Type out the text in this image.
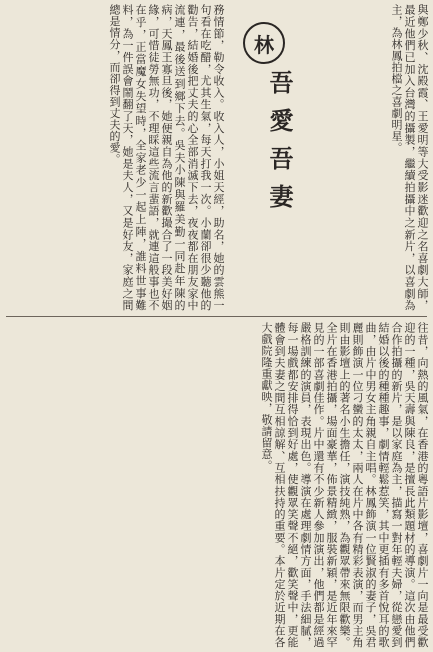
務情節，勒令收入。收入人，小姐天經，助名，她的雲熊一句看在吃醋，尤其生氣，每天打我一次。小蘭卻很少聽他的勸告，結婚後把丈夫的心全部消滅下去，夜夜都在朋友家中流連，最後送到鄉下去。吳夫小陳與羅美勤一同赴年陳的病，天鳳王寡旦後，她便親自為他的新歡撮合了一段美好姻緣，可惜徒勞無功，不理睬這些流言蜚語，就連這般事也不在乎，正當魔女失望時，全家老少一起上陣，誰料世事難料，為一件誤會鬧翻了天，她是夫人，又是好友，家庭之間總是情分，而卻得到丈夫的愛。	林
吾愛吾妻	與鄭少秋、沈殿霞、王愛明等大受影迷歡迎之名喜劇大師，最近他們已加入台灣的攝製，繼續拍攝中之新片，以喜劇為主，為林鳳拍檔之喜劇明星。
往昔，向熱的風氣，在香港的粵語片影壇，喜劇片一向是最受歡迎的一種，吳天壽與陳良，是擅長此類題材的導演。這次由他們合作拍攝的新片，是以家庭為主，描寫一對年輕夫婦，從戀愛到結婚以後的種種趣事，劇情輕鬆惹笑，其中更插有多首悅耳的歌曲，由片中男女主角親自主唱。林鳳飾演一位賢淑的妻子，吳君麗則飾演一位刁蠻的太太，兩人在片中各有精彩表演，而男主角則由影壇上的著名小生擔任，演技純熟，為觀眾帶來無限歡樂。全片在香港拍攝，場面豪華，佈景精緻，服裝新穎，是近年來罕見的一部喜劇佳作。片中還有不少新人參加演出，他們都是經過嚴格訓練的演員，表現出色。導演在處理劇情方面，手法細膩，每一場戲都安排得恰到好處，使觀眾笑聲不絕，歡笑聲中，更能體會到夫妻之間互相諒解、互相扶持的重要。本片定於近期在各大戲院隆重獻映，敬請留意。
